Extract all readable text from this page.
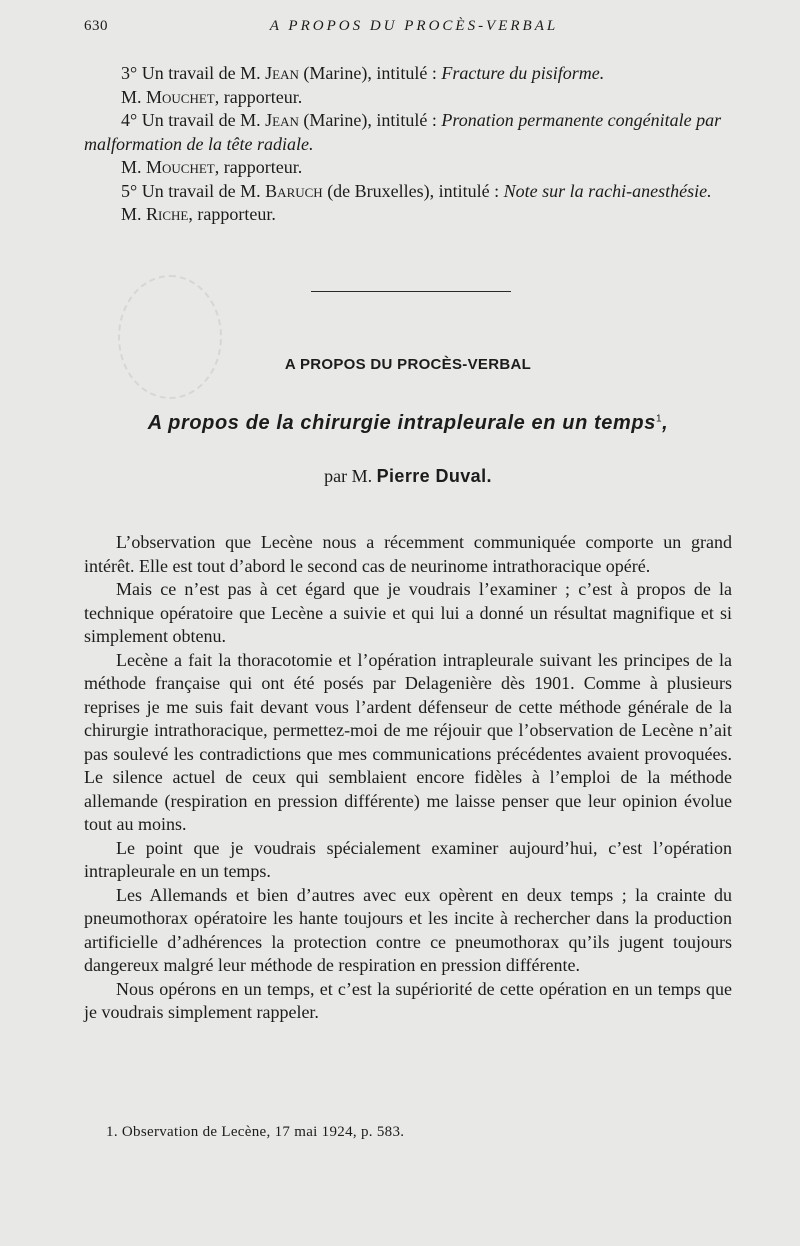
630	A PROPOS DU PROCÈS-VERBAL

3° Un travail de M. Jean (Marine), intitulé : Fracture du pisiforme.

M. Mouchet, rapporteur.

4° Un travail de M. Jean (Marine), intitulé : Pronation permanente congénitale par malformation de la tête radiale.

M. Mouchet, rapporteur.

5° Un travail de M. Baruch (de Bruxelles), intitulé : Note sur la rachi-anesthésie.

M. Riche, rapporteur.

A PROPOS DU PROCÈS-VERBAL
A propos de la chirurgie intrapleurale en un temps$^1$,
par M. Pierre Duval.

L’observation que Lecène nous a récemment communiquée comporte un grand intérêt. Elle est tout d’abord le second cas de neurinome intrathoracique opéré.

Mais ce n’est pas à cet égard que je voudrais l’examiner ; c’est à propos de la technique opératoire que Lecène a suivie et qui lui a donné un résultat magnifique et si simplement obtenu.

Lecène a fait la thoracotomie et l’opération intrapleurale suivant les principes de la méthode française qui ont été posés par Delagenière dès 1901. Comme à plusieurs reprises je me suis fait devant vous l’ardent défenseur de cette méthode générale de la chirurgie intrathoracique, permettez-moi de me réjouir que l’observation de Lecène n’ait pas soulevé les contradictions que mes communications précédentes avaient provoquées. Le silence actuel de ceux qui semblaient encore fidèles à l’emploi de la méthode allemande (respiration en pression différente) me laisse penser que leur opinion évolue tout au moins.

Le point que je voudrais spécialement examiner aujourd’hui, c’est l’opération intrapleurale en un temps.

Les Allemands et bien d’autres avec eux opèrent en deux temps ; la crainte du pneumothorax opératoire les hante toujours et les incite à rechercher dans la production artificielle d’adhérences la protection contre ce pneumothorax qu’ils jugent toujours dangereux malgré leur méthode de respiration en pression différente.

Nous opérons en un temps, et c’est la supériorité de cette opération en un temps que je voudrais simplement rappeler.

1. Observation de Lecène, 17 mai 1924, p. 583.
